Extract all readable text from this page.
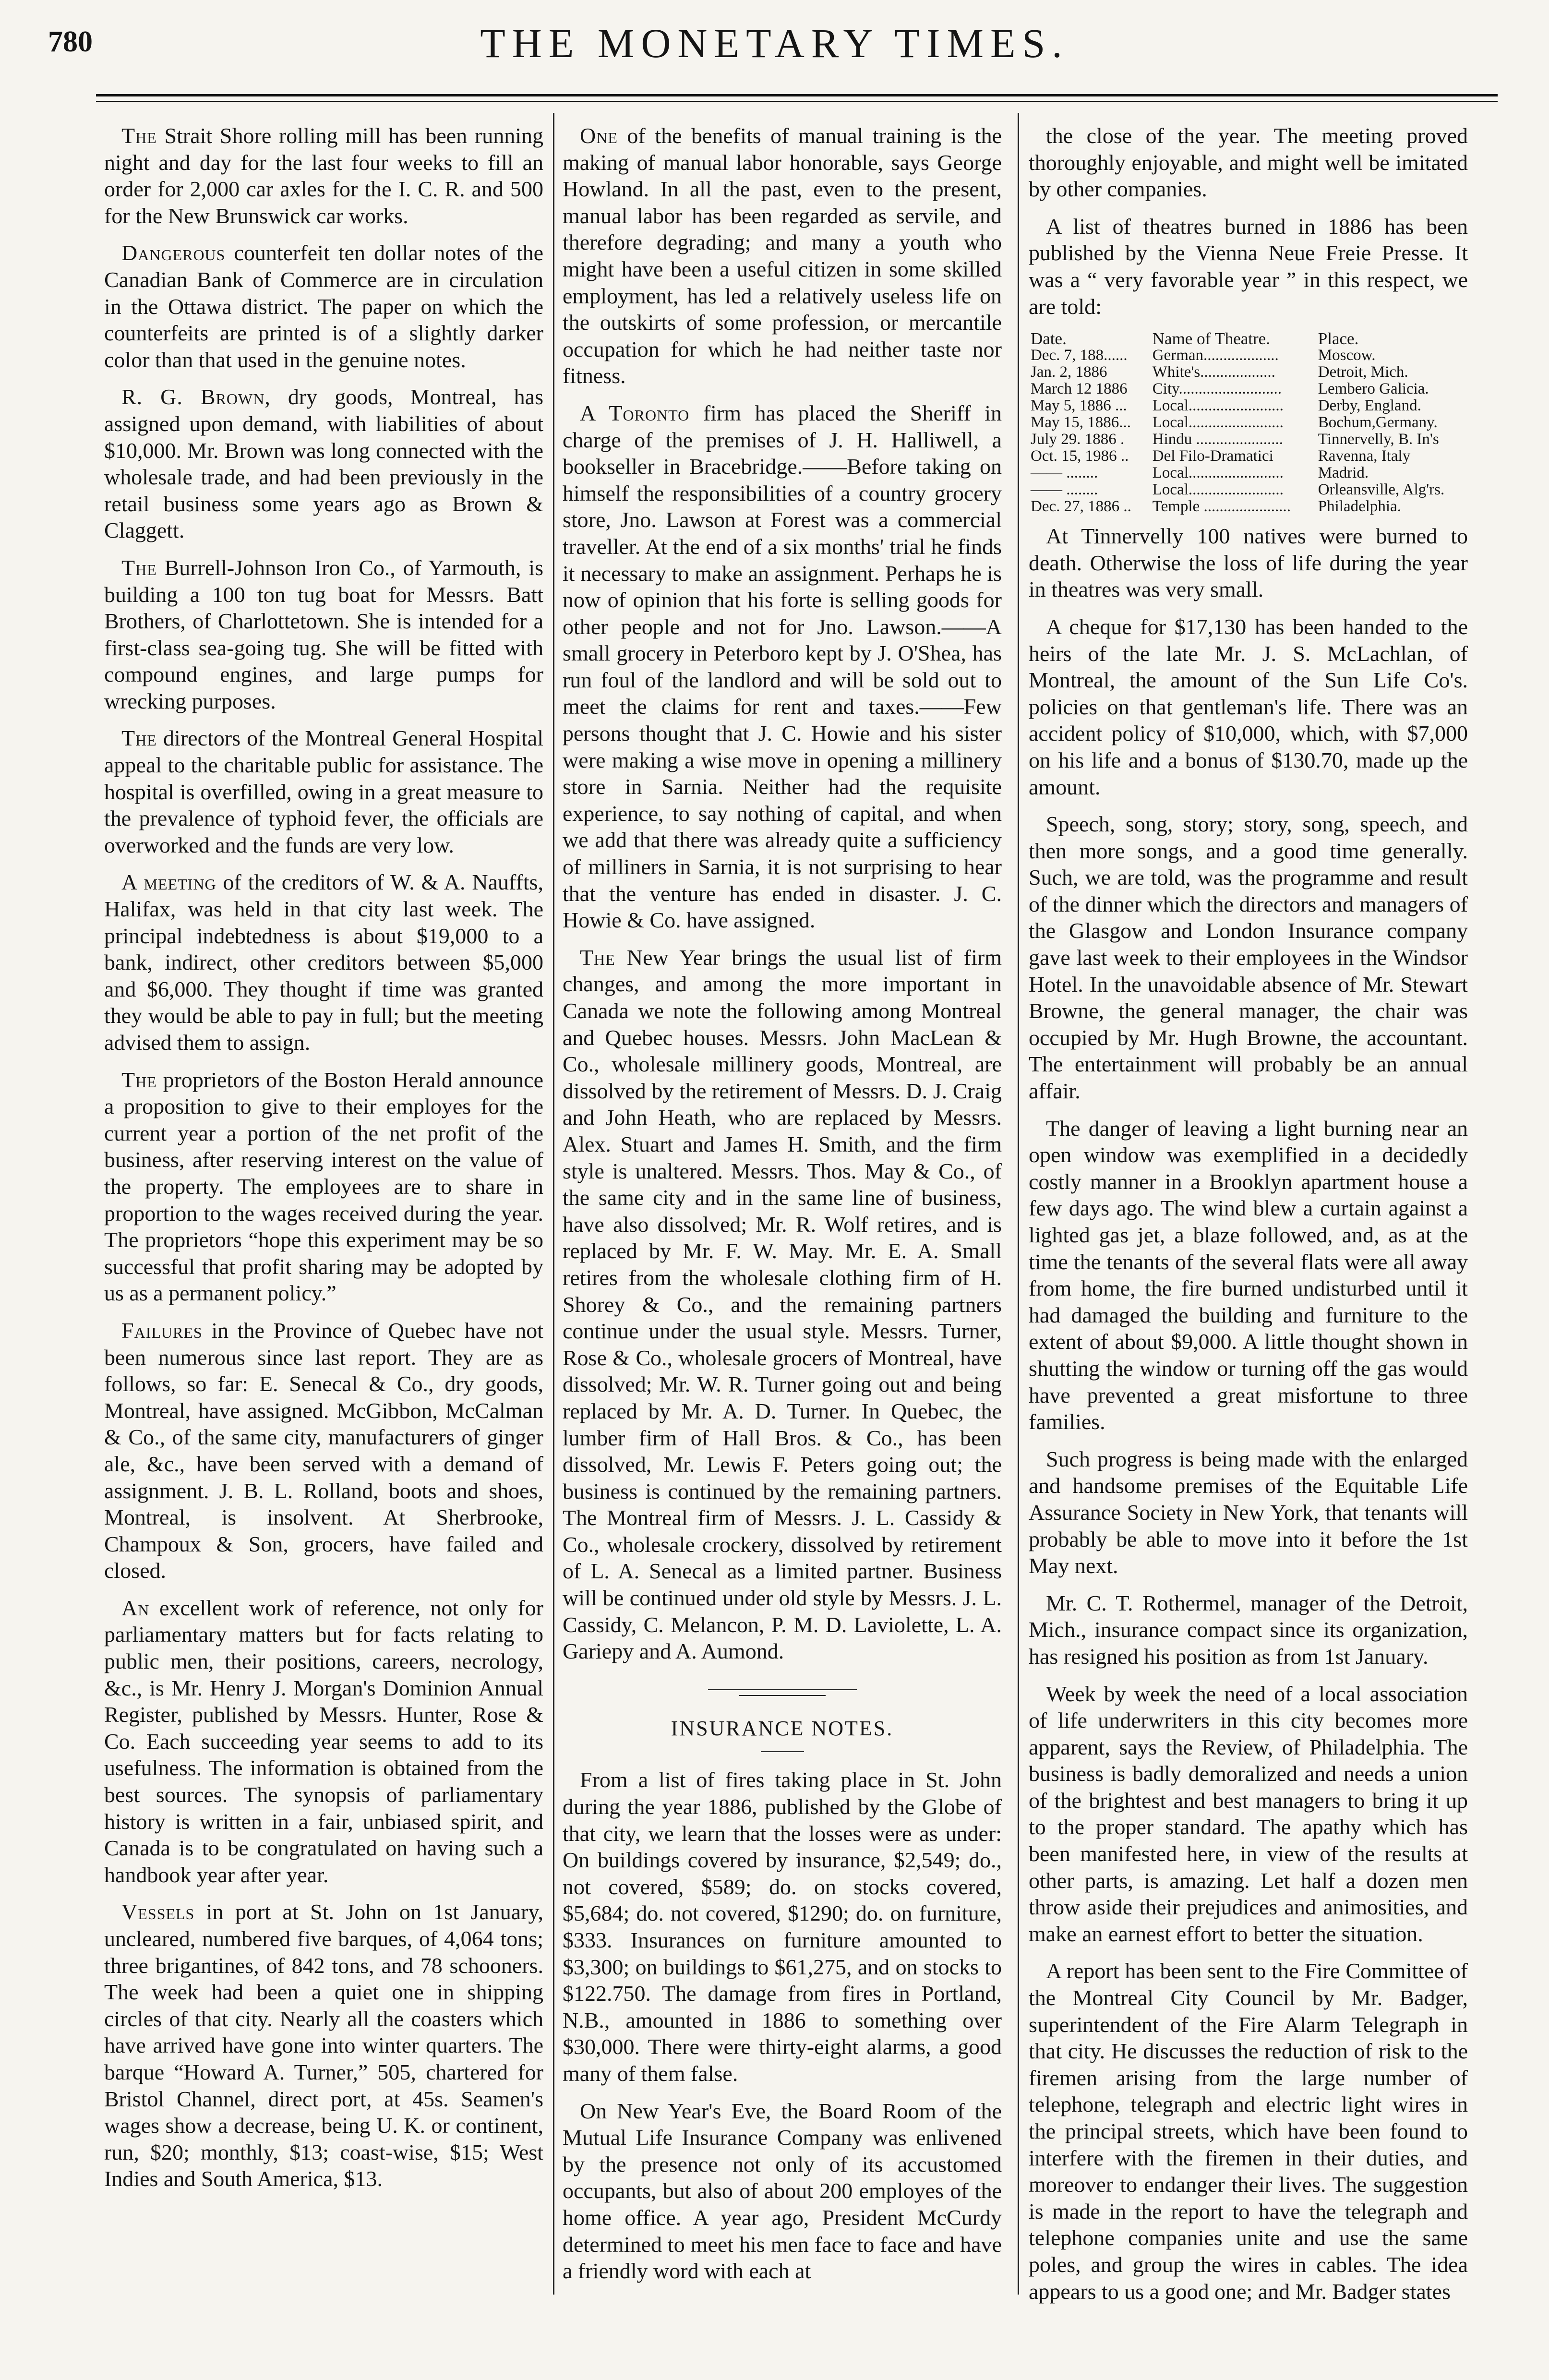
780	THE MONETARY TIMES.

The Strait Shore rolling mill has been running night and day for the last four weeks to fill an order for 2,000 car axles for the I. C. R. and 500 for the New Brunswick car works.

Dangerous counterfeit ten dollar notes of the Canadian Bank of Commerce are in circulation in the Ottawa district. The paper on which the counterfeits are printed is of a slightly darker color than that used in the genuine notes.

R. G. Brown, dry goods, Montreal, has assigned upon demand, with liabilities of about $10,000. Mr. Brown was long connected with the wholesale trade, and had been previously in the retail business some years ago as Brown & Claggett.

The Burrell-Johnson Iron Co., of Yarmouth, is building a 100 ton tug boat for Messrs. Batt Brothers, of Charlottetown. She is intended for a first-class sea-going tug. She will be fitted with compound engines, and large pumps for wrecking purposes.

The directors of the Montreal General Hospital appeal to the charitable public for assistance. The hospital is overfilled, owing in a great measure to the prevalence of typhoid fever, the officials are overworked and the funds are very low.

A meeting of the creditors of W. & A. Nauffts, Halifax, was held in that city last week. The principal indebtedness is about $19,000 to a bank, indirect, other creditors between $5,000 and $6,000. They thought if time was granted they would be able to pay in full; but the meeting advised them to assign.

The proprietors of the Boston Herald announce a proposition to give to their employes for the current year a portion of the net profit of the business, after reserving interest on the value of the property. The employees are to share in proportion to the wages received during the year. The proprietors “hope this experiment may be so successful that profit sharing may be adopted by us as a permanent policy.”

Failures in the Province of Quebec have not been numerous since last report. They are as follows, so far: E. Senecal & Co., dry goods, Montreal, have assigned. McGibbon, McCalman & Co., of the same city, manufacturers of ginger ale, &c., have been served with a demand of assignment. J. B. L. Rolland, boots and shoes, Montreal, is insolvent. At Sherbrooke, Champoux & Son, grocers, have failed and closed.

An excellent work of reference, not only for parliamentary matters but for facts relating to public men, their positions, careers, necrology, &c., is Mr. Henry J. Morgan's Dominion Annual Register, published by Messrs. Hunter, Rose & Co. Each succeeding year seems to add to its usefulness. The information is obtained from the best sources. The synopsis of parliamentary history is written in a fair, unbiased spirit, and Canada is to be congratulated on having such a handbook year after year.

Vessels in port at St. John on 1st January, uncleared, numbered five barques, of 4,064 tons; three brigantines, of 842 tons, and 78 schooners. The week had been a quiet one in shipping circles of that city. Nearly all the coasters which have arrived have gone into winter quarters. The barque “Howard A. Turner,” 505, chartered for Bristol Channel, direct port, at 45s. Seamen's wages show a decrease, being U. K. or continent, run, $20; monthly, $13; coast-wise, $15; West Indies and South America, $13.

One of the benefits of manual training is the making of manual labor honorable, says George Howland. In all the past, even to the present, manual labor has been regarded as servile, and therefore degrading; and many a youth who might have been a useful citizen in some skilled employment, has led a relatively useless life on the outskirts of some profession, or mercantile occupation for which he had neither taste nor fitness.

A Toronto firm has placed the Sheriff in charge of the premises of J. H. Halliwell, a bookseller in Bracebridge.——Before taking on himself the responsibilities of a country grocery store, Jno. Lawson at Forest was a commercial traveller. At the end of a six months' trial he finds it necessary to make an assignment. Perhaps he is now of opinion that his forte is selling goods for other people and not for Jno. Lawson.——A small grocery in Peterboro kept by J. O'Shea, has run foul of the landlord and will be sold out to meet the claims for rent and taxes.——Few persons thought that J. C. Howie and his sister were making a wise move in opening a millinery store in Sarnia. Neither had the requisite experience, to say nothing of capital, and when we add that there was already quite a sufficiency of milliners in Sarnia, it is not surprising to hear that the venture has ended in disaster. J. C. Howie & Co. have assigned.

The New Year brings the usual list of firm changes, and among the more important in Canada we note the following among Montreal and Quebec houses. Messrs. John MacLean & Co., wholesale millinery goods, Montreal, are dissolved by the retirement of Messrs. D. J. Craig and John Heath, who are replaced by Messrs. Alex. Stuart and James H. Smith, and the firm style is unaltered. Messrs. Thos. May & Co., of the same city and in the same line of business, have also dissolved; Mr. R. Wolf retires, and is replaced by Mr. F. W. May. Mr. E. A. Small retires from the wholesale clothing firm of H. Shorey & Co., and the remaining partners continue under the usual style. Messrs. Turner, Rose & Co., wholesale grocers of Montreal, have dissolved; Mr. W. R. Turner going out and being replaced by Mr. A. D. Turner. In Quebec, the lumber firm of Hall Bros. & Co., has been dissolved, Mr. Lewis F. Peters going out; the business is continued by the remaining partners. The Montreal firm of Messrs. J. L. Cassidy & Co., wholesale crockery, dissolved by retirement of L. A. Senecal as a limited partner. Business will be continued under old style by Messrs. J. L. Cassidy, C. Melancon, P. M. D. Laviolette, L. A. Gariepy and A. Aumond.

INSURANCE NOTES.

From a list of fires taking place in St. John during the year 1886, published by the Globe of that city, we learn that the losses were as under: On buildings covered by insurance, $2,549; do., not covered, $589; do. on stocks covered, $5,684; do. not covered, $1290; do. on furniture, $333. Insurances on furniture amounted to $3,300; on buildings to $61,275, and on stocks to $122.750. The damage from fires in Portland, N.B., amounted in 1886 to something over $30,000. There were thirty-eight alarms, a good many of them false.

On New Year's Eve, the Board Room of the Mutual Life Insurance Company was enlivened by the presence not only of its accustomed occupants, but also of about 200 employes of the home office. A year ago, President McCurdy determined to meet his men face to face and have a friendly word with each at

the close of the year. The meeting proved thoroughly enjoyable, and might well be imitated by other companies.

A list of theatres burned in 1886 has been published by the Vienna Neue Freie Presse. It was a “ very favorable year ” in this respect, we are told:

Date.	Name of Theatre.	Place.
Dec. 7, 188......	German...................	Moscow.
Jan. 2, 1886	White's...................	Detroit, Mich.
March 12 1886	City..........................	Lembero Galicia.
May 5, 1886 ...	Local........................	Derby, England.
May 15, 1886...	Local........................	Bochum,Germany.
July 29. 1886 .	Hindu ......................	Tinnervelly, B. In's
Oct. 15, 1986 ..	Del Filo-Dramatici	Ravenna, Italy
—— ........	Local........................	Madrid.
—— ........	Local........................	Orleansville, Alg'rs.
Dec. 27, 1886 ..	Temple ......................	Philadelphia.

At Tinnervelly 100 natives were burned to death. Otherwise the loss of life during the year in theatres was very small.

A cheque for $17,130 has been handed to the heirs of the late Mr. J. S. McLachlan, of Montreal, the amount of the Sun Life Co's. policies on that gentleman's life. There was an accident policy of $10,000, which, with $7,000 on his life and a bonus of $130.70, made up the amount.

Speech, song, story; story, song, speech, and then more songs, and a good time generally. Such, we are told, was the programme and result of the dinner which the directors and managers of the Glasgow and London Insurance company gave last week to their employees in the Windsor Hotel. In the unavoidable absence of Mr. Stewart Browne, the general manager, the chair was occupied by Mr. Hugh Browne, the accountant. The entertainment will probably be an annual affair.

The danger of leaving a light burning near an open window was exemplified in a decidedly costly manner in a Brooklyn apartment house a few days ago. The wind blew a curtain against a lighted gas jet, a blaze followed, and, as at the time the tenants of the several flats were all away from home, the fire burned undisturbed until it had damaged the building and furniture to the extent of about $9,000. A little thought shown in shutting the window or turning off the gas would have prevented a great misfortune to three families.

Such progress is being made with the enlarged and handsome premises of the Equitable Life Assurance Society in New York, that tenants will probably be able to move into it before the 1st May next.

Mr. C. T. Rothermel, manager of the Detroit, Mich., insurance compact since its organization, has resigned his position as from 1st January.

Week by week the need of a local association of life underwriters in this city becomes more apparent, says the Review, of Philadelphia. The business is badly demoralized and needs a union of the brightest and best managers to bring it up to the proper standard. The apathy which has been manifested here, in view of the results at other parts, is amazing. Let half a dozen men throw aside their prejudices and animosities, and make an earnest effort to better the situation.

A report has been sent to the Fire Committee of the Montreal City Council by Mr. Badger, superintendent of the Fire Alarm Telegraph in that city. He discusses the reduction of risk to the firemen arising from the large number of telephone, telegraph and electric light wires in the principal streets, which have been found to interfere with the firemen in their duties, and moreover to endanger their lives. The suggestion is made in the report to have the telegraph and telephone companies unite and use the same poles, and group the wires in cables. The idea appears to us a good one; and Mr. Badger states
